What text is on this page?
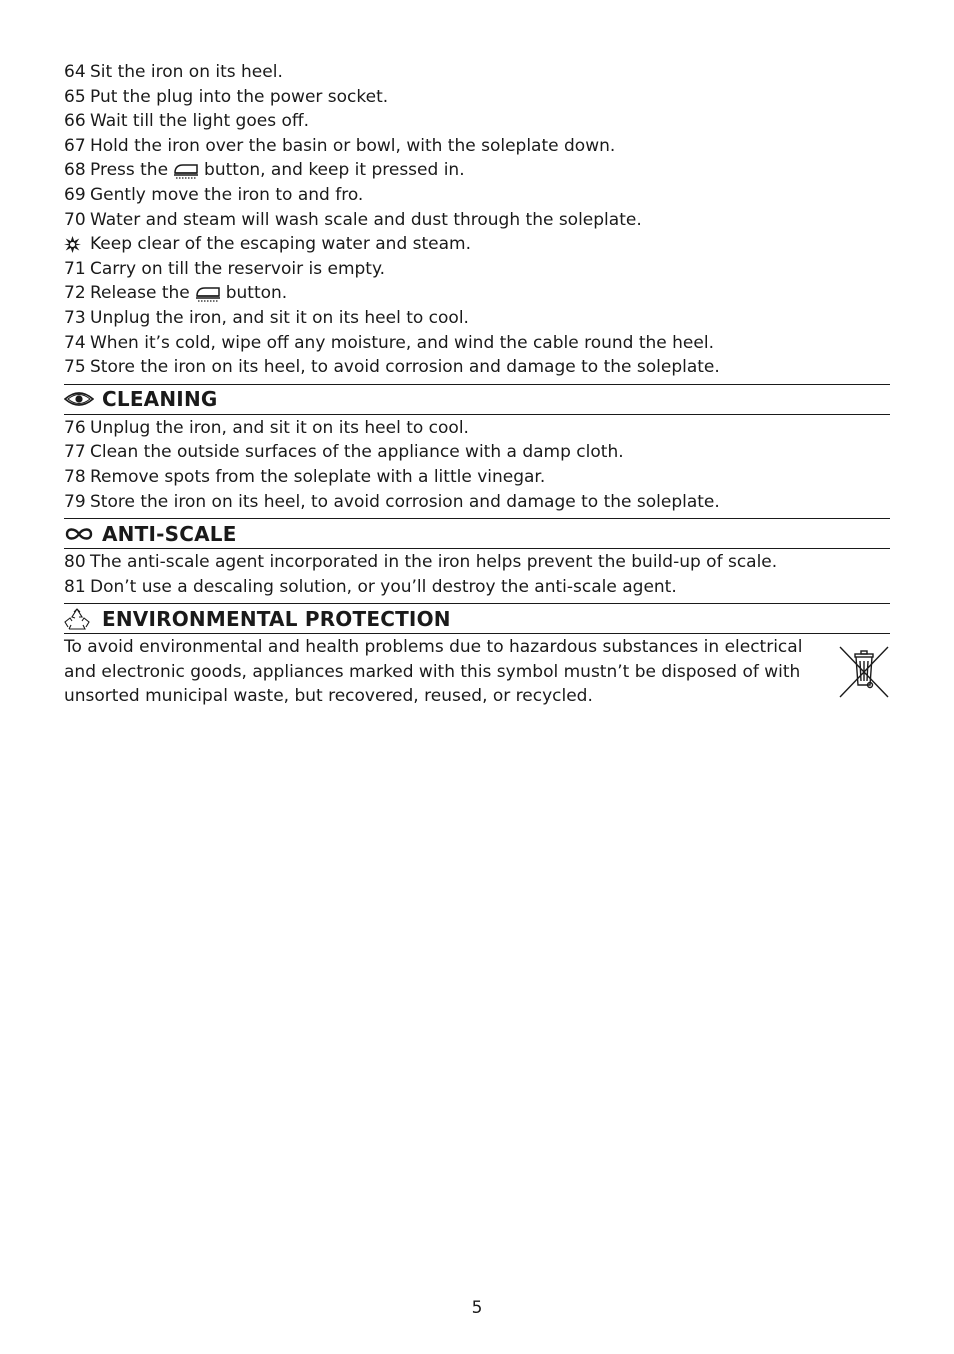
64 Sit the iron on its heel.
65 Put the plug into the power socket.
66 Wait till the light goes off.
67 Hold the iron over the basin or bowl, with the soleplate down.
68 Press the button, and keep it pressed in.
69 Gently move the iron to and fro.
70 Water and steam will wash scale and dust through the soleplate.
Keep clear of the escaping water and steam.
71 Carry on till the reservoir is empty.
72 Release the button.
73 Unplug the iron, and sit it on its heel to cool.
74 When it’s cold, wipe off any moisture, and wind the cable round the heel.
75 Store the iron on its heel, to avoid corrosion and damage to the soleplate.
CLEANING
76 Unplug the iron, and sit it on its heel to cool.
77 Clean the outside surfaces of the appliance with a damp cloth.
78 Remove spots from the soleplate with a little vinegar.
79 Store the iron on its heel, to avoid corrosion and damage to the soleplate.
ANTI-SCALE
80 The anti-scale agent incorporated in the iron helps prevent the build-up of scale.
81 Don’t use a descaling solution, or you’ll destroy the anti-scale agent.
ENVIRONMENTAL PROTECTION
To avoid environmental and health problems due to hazardous substances in electrical and electronic goods, appliances marked with this symbol mustn’t be disposed of with unsorted municipal waste, but recovered, reused, or recycled.
5
